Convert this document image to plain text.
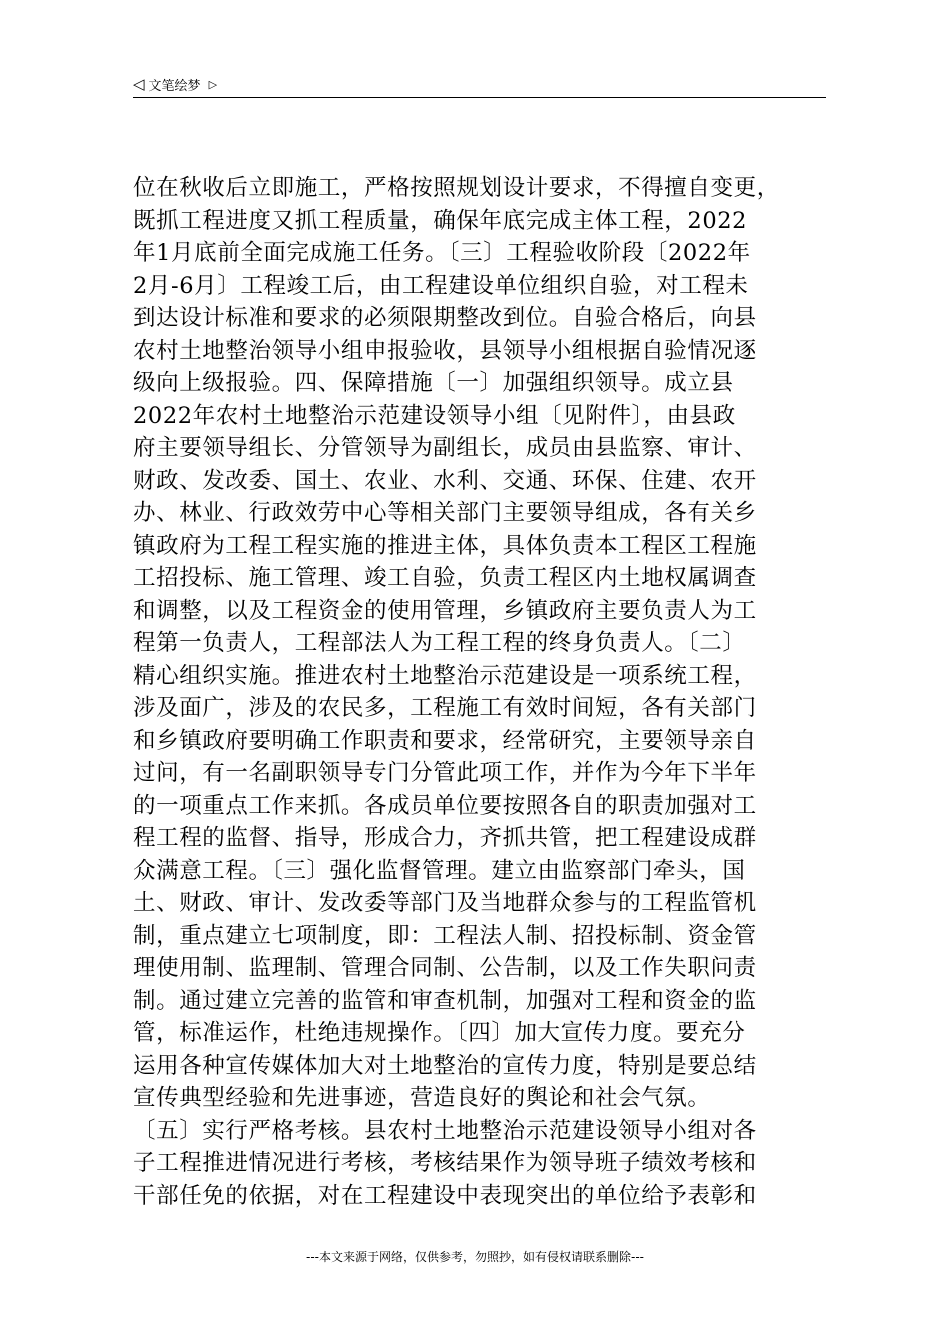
◁ 文笔绘梦 ▷
位在秋收后立即施工，严格按照规划设计要求，不得擅自变更，
既抓工程进度又抓工程质量，确保年底完成主体工程，2022
年1月底前全面完成施工任务。〔三〕工程验收阶段〔2022年
2月-6月〕工程竣工后，由工程建设单位组织自验，对工程未
到达设计标准和要求的必须限期整改到位。自验合格后，向县
农村土地整治领导小组申报验收，县领导小组根据自验情况逐
级向上级报验。四、保障措施〔一〕加强组织领导。成立县
2022年农村土地整治示范建设领导小组〔见附件〕，由县政
府主要领导组长、分管领导为副组长，成员由县监察、审计、
财政、发改委、国土、农业、水利、交通、环保、住建、农开
办、林业、行政效劳中心等相关部门主要领导组成，各有关乡
镇政府为工程工程实施的推进主体，具体负责本工程区工程施
工招投标、施工管理、竣工自验，负责工程区内土地权属调查
和调整，以及工程资金的使用管理，乡镇政府主要负责人为工
程第一负责人，工程部法人为工程工程的终身负责人。〔二〕
精心组织实施。推进农村土地整治示范建设是一项系统工程，
涉及面广，涉及的农民多，工程施工有效时间短，各有关部门
和乡镇政府要明确工作职责和要求，经常研究，主要领导亲自
过问，有一名副职领导专门分管此项工作，并作为今年下半年
的一项重点工作来抓。各成员单位要按照各自的职责加强对工
程工程的监督、指导，形成合力，齐抓共管，把工程建设成群
众满意工程。〔三〕强化监督管理。建立由监察部门牵头，国
土、财政、审计、发改委等部门及当地群众参与的工程监管机
制，重点建立七项制度，即：工程法人制、招投标制、资金管
理使用制、监理制、管理合同制、公告制，以及工作失职问责
制。通过建立完善的监管和审查机制，加强对工程和资金的监
管，标准运作，杜绝违规操作。〔四〕加大宣传力度。要充分
运用各种宣传媒体加大对土地整治的宣传力度，特别是要总结
宣传典型经验和先进事迹，营造良好的舆论和社会气氛。
〔五〕实行严格考核。县农村土地整治示范建设领导小组对各
子工程推进情况进行考核，考核结果作为领导班子绩效考核和
干部任免的依据，对在工程建设中表现突出的单位给予表彰和
---本文来源于网络，仅供参考，勿照抄，如有侵权请联系删除---
